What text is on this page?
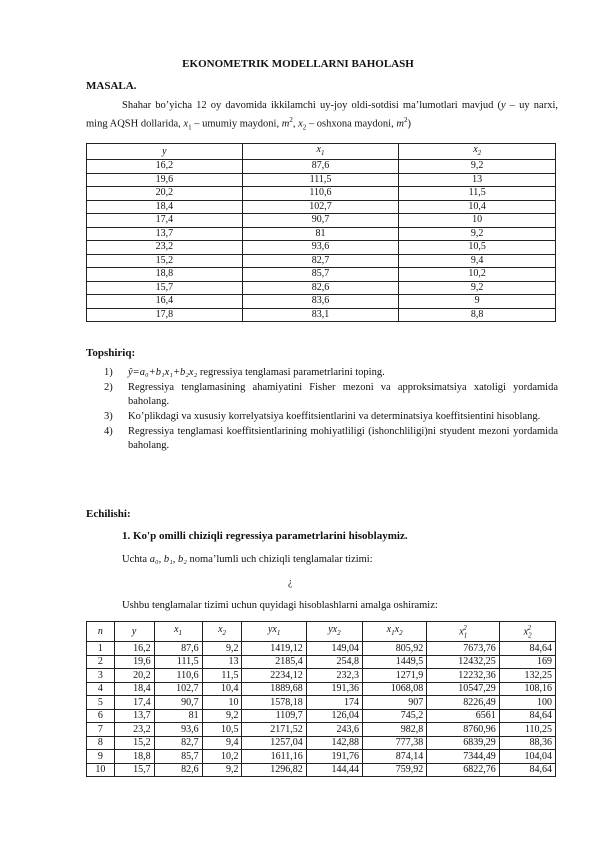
EKONOMETRIK MODELLARNI BAHOLASH
MASALA.
Shahar bo’yicha 12 oy davomida ikkilamchi uy-joy oldi-sotdisi ma’lumotlari mavjud (y – uy narxi, ming AQSH dollarida, $x_1$ – umumiy maydoni, $m^2$, $x_2$ – oshxona maydoni, $m^2$)
y	$x_1$	$x_2$
16,2	87,6	9,2
19,6	111,5	13
20,2	110,6	11,5
18,4	102,7	10,4
17,4	90,7	10
13,7	81	9,2
23,2	93,6	10,5
15,2	82,7	9,4
18,8	85,7	10,2
15,7	82,6	9,2
16,4	83,6	9
17,8	83,1	8,8
Topshiriq:
1) ŷ=a₀+b₁x₁+b₂x₂ regressiya tenglamasi parametrlarini toping.
2) Regressiya tenglamasining ahamiyatini Fisher mezoni va approksimatsiya xatoligi yordamida baholang.
3) Ko’plikdagi va xususiy korrelyatsiya koeffitsientlarini va determinatsiya koeffitsientini hisoblang.
4) Regressiya tenglamasi koeffitsientlarining mohiyatliligi (ishonchliligi)ni styudent mezoni yordamida baholang.
Echilishi:
1. Ko'p omilli chiziqli regressiya parametrlarini hisoblaymiz.
Uchta a₀, b₁, b₂ noma’lumli uch chiziqli tenglamalar tizimi:
¿
Ushbu tenglamalar tizimi uchun quyidagi hisoblashlarni amalga oshiramiz:
n	y	$x_1$	$x_2$	$yx_1$	$yx_2$	$x_1x_2$	$x_1^2$	$x_2^2$
1	16,2	87,6	9,2	1419,12	149,04	805,92	7673,76	84,64
2	19,6	111,5	13	2185,4	254,8	1449,5	12432,25	169
3	20,2	110,6	11,5	2234,12	232,3	1271,9	12232,36	132,25
4	18,4	102,7	10,4	1889,68	191,36	1068,08	10547,29	108,16
5	17,4	90,7	10	1578,18	174	907	8226,49	100
6	13,7	81	9,2	1109,7	126,04	745,2	6561	84,64
7	23,2	93,6	10,5	2171,52	243,6	982,8	8760,96	110,25
8	15,2	82,7	9,4	1257,04	142,88	777,38	6839,29	88,36
9	18,8	85,7	10,2	1611,16	191,76	874,14	7344,49	104,04
10	15,7	82,6	9,2	1296,82	144,44	759,92	6822,76	84,64
